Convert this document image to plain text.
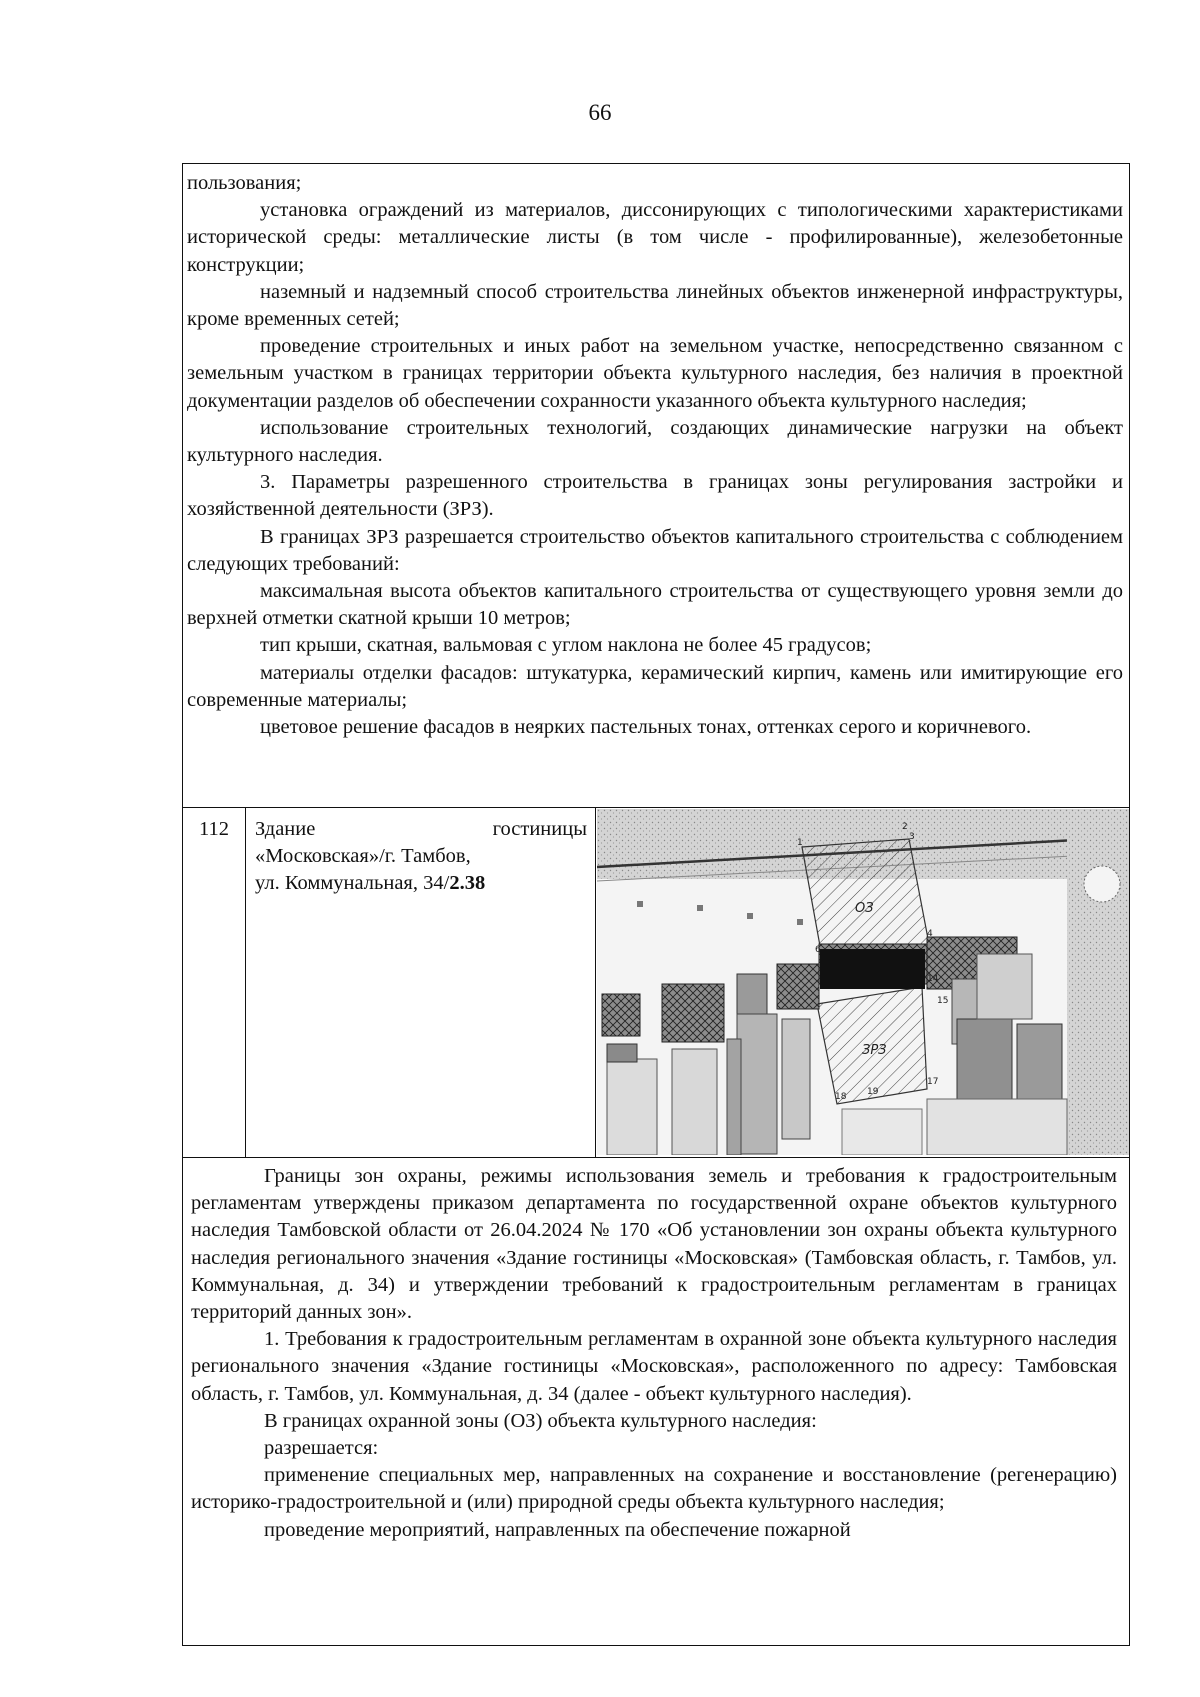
66

пользования;

установка ограждений из материалов, диссонирующих с типологическими характеристиками исторической среды: металлические листы (в том числе - профилированные), железобетонные конструкции;

наземный и надземный способ строительства линейных объектов инженерной инфраструктуры, кроме временных сетей;

проведение строительных и иных работ на земельном участке, непосредственно связанном с земельным участком в границах территории объекта культурного наследия, без наличия в проектной документации разделов об обеспечении сохранности указанного объекта культурного наследия;

использование строительных технологий, создающих динамические нагрузки на объект культурного наследия.

3. Параметры разрешенного строительства в границах зоны регулирования застройки и хозяйственной деятельности (ЗРЗ).

В границах ЗРЗ разрешается строительство объектов капитального строительства с соблюдением следующих требований:

максимальная высота объектов капитального строительства от существующего уровня земли до верхней отметки скатной крыши 10 метров;

тип крыши, скатная, вальмовая с углом наклона не более 45 градусов;

материалы отделки фасадов: штукатурка, керамический кирпич, камень или имитирующие его современные материалы;

цветовое решение фасадов в неярких пастельных тонах, оттенках серого и коричневого.

112	Здание	гостиницы
«Московская»/г. Тамбов,
ул. Коммунальная, 34/2.38
ОЗ
ЗРЗ
1
2
3
4
6
14
15
17
18 19

Границы зон охраны, режимы использования земель и требования к градостроительным регламентам утверждены приказом департамента по государственной охране объектов культурного наследия Тамбовской области от 26.04.2024 № 170 «Об установлении зон охраны объекта культурного наследия регионального значения «Здание гостиницы «Московская» (Тамбовская область, г. Тамбов, ул. Коммунальная, д. 34) и утверждении требований к градостроительным регламентам в границах территорий данных зон».

1. Требования к градостроительным регламентам в охранной зоне объекта культурного наследия регионального значения «Здание гостиницы «Московская», расположенного по адресу: Тамбовская область, г. Тамбов, ул. Коммунальная, д. 34 (далее - объект культурного наследия).

В границах охранной зоны (ОЗ) объекта культурного наследия:

разрешается:

применение специальных мер, направленных на сохранение и восстановление (регенерацию) историко-градостроительной и (или) природной среды объекта культурного наследия;

проведение мероприятий, направленных па обеспечение пожарной
